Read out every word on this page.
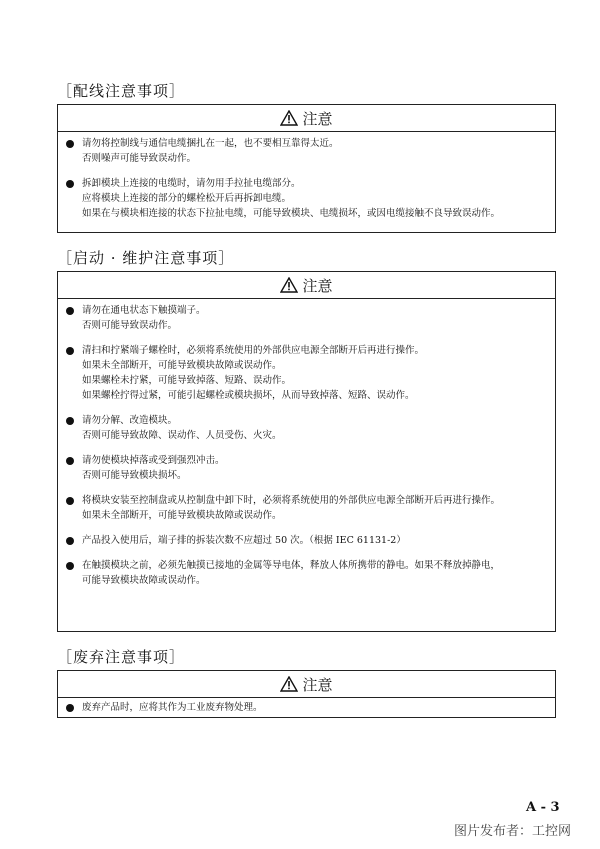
［配线注意事项］
注意
请勿将控制线与通信电缆捆扎在一起，也不要相互靠得太近。
否则噪声可能导致误动作。
拆卸模块上连接的电缆时，请勿用手拉扯电缆部分。
应将模块上连接的部分的螺栓松开后再拆卸电缆。
如果在与模块相连接的状态下拉扯电缆，可能导致模块、电缆损坏，或因电缆接触不良导致误动作。
［启动 · 维护注意事项］
注意
请勿在通电状态下触摸端子。
否则可能导致误动作。
清扫和拧紧端子螺栓时，必须将系统使用的外部供应电源全部断开后再进行操作。
如果未全部断开，可能导致模块故障或误动作。
如果螺栓未拧紧，可能导致掉落、短路、误动作。
如果螺栓拧得过紧，可能引起螺栓或模块损坏，从而导致掉落、短路、误动作。
请勿分解、改造模块。
否则可能导致故障、误动作、人员受伤、火灾。
请勿使模块掉落或受到强烈冲击。
否则可能导致模块损坏。
将模块安装至控制盘或从控制盘中卸下时，必须将系统使用的外部供应电源全部断开后再进行操作。
如果未全部断开，可能导致模块故障或误动作。
产品投入使用后，端子排的拆装次数不应超过 50 次。（根据 IEC 61131-2）
在触摸模块之前，必须先触摸已接地的金属等导电体，释放人体所携带的静电。如果不释放掉静电，
可能导致模块故障或误动作。
［废弃注意事项］
注意
废弃产品时，应将其作为工业废弃物处理。
A - 3
图片发布者：工控网
